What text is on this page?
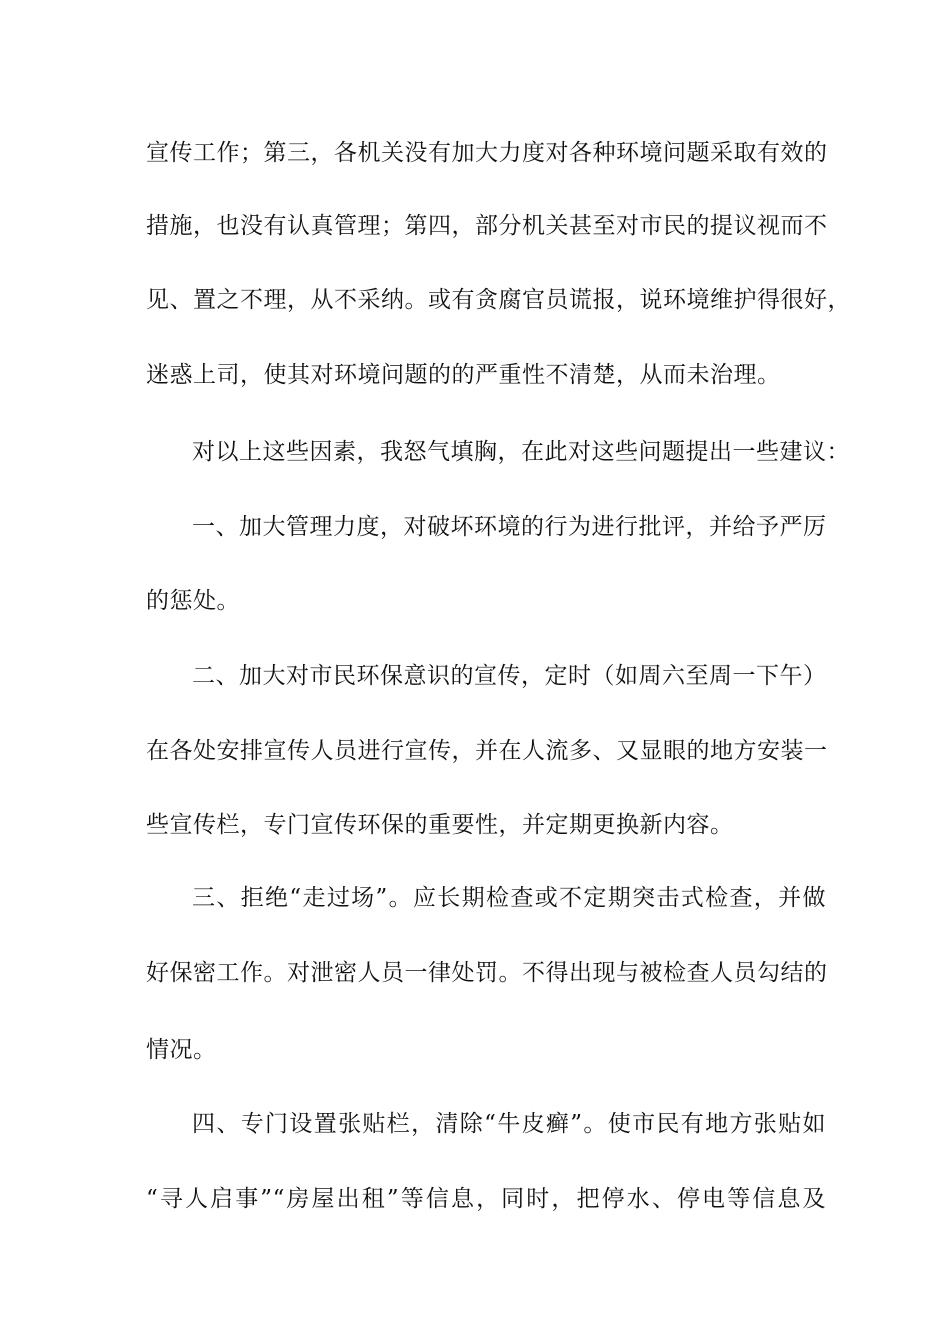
宣传工作；第三，各机关没有加大力度对各种环境问题采取有效的
措施，也没有认真管理；第四，部分机关甚至对市民的提议视而不
见、置之不理，从不采纳。或有贪腐官员谎报，说环境维护得很好，
迷惑上司，使其对环境问题的的严重性不清楚，从而未治理。
对以上这些因素，我怒气填胸，在此对这些问题提出一些建议：
一、加大管理力度，对破坏环境的行为进行批评，并给予严厉
的惩处。
二、加大对市民环保意识的宣传，定时（如周六至周一下午）
在各处安排宣传人员进行宣传，并在人流多、又显眼的地方安装一
些宣传栏，专门宣传环保的重要性，并定期更换新内容。
三、拒绝“走过场”。应长期检查或不定期突击式检查，并做
好保密工作。对泄密人员一律处罚。不得出现与被检查人员勾结的
情况。
四、专门设置张贴栏，清除“牛皮癣”。使市民有地方张贴如
“寻人启事”“房屋出租”等信息，同时，把停水、停电等信息及
